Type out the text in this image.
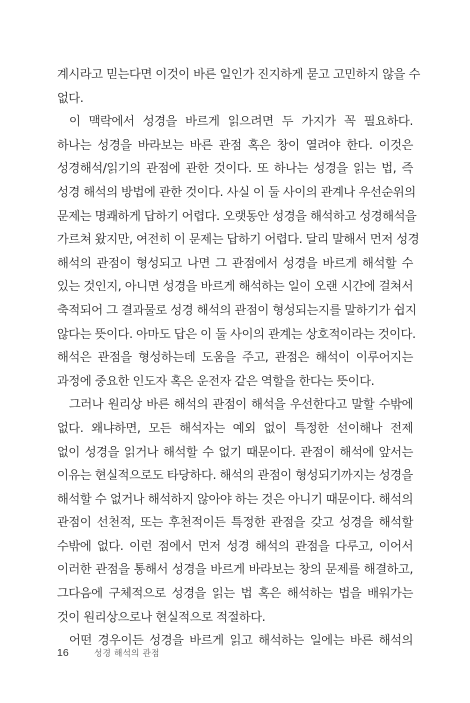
계시라고 믿는다면 이것이 바른 일인가 진지하게 묻고 고민하지 않을 수
없다.
이 맥락에서 성경을 바르게 읽으려면 두 가지가 꼭 필요하다.
하나는 성경을 바라보는 바른 관점 혹은 창이 열려야 한다. 이것은
성경해석/읽기의 관점에 관한 것이다. 또 하나는 성경을 읽는 법, 즉
성경 해석의 방법에 관한 것이다. 사실 이 둘 사이의 관계나 우선순위의
문제는 명쾌하게 답하기 어렵다. 오랫동안 성경을 해석하고 성경해석을
가르쳐 왔지만, 여전히 이 문제는 답하기 어렵다. 달리 말해서 먼저 성경
해석의 관점이 형성되고 나면 그 관점에서 성경을 바르게 해석할 수
있는 것인지, 아니면 성경을 바르게 해석하는 일이 오랜 시간에 걸쳐서
축적되어 그 결과물로 성경 해석의 관점이 형성되는지를 말하기가 쉽지
않다는 뜻이다. 아마도 답은 이 둘 사이의 관계는 상호적이라는 것이다.
해석은 관점을 형성하는데 도움을 주고, 관점은 해석이 이루어지는
과정에 중요한 인도자 혹은 운전자 같은 역할을 한다는 뜻이다.
그러나 원리상 바른 해석의 관점이 해석을 우선한다고 말할 수밖에
없다. 왜냐하면, 모든 해석자는 예외 없이 특정한 선이해나 전제
없이 성경을 읽거나 해석할 수 없기 때문이다. 관점이 해석에 앞서는
이유는 현실적으로도 타당하다. 해석의 관점이 형성되기까지는 성경을
해석할 수 없거나 해석하지 않아야 하는 것은 아니기 때문이다. 해석의
관점이 선천적, 또는 후천적이든 특정한 관점을 갖고 성경을 해석할
수밖에 없다. 이런 점에서 먼저 성경 해석의 관점을 다루고, 이어서
이러한 관점을 통해서 성경을 바르게 바라보는 창의 문제를 해결하고,
그다음에 구체적으로 성경을 읽는 법 혹은 해석하는 법을 배워가는
것이 원리상으로나 현실적으로 적절하다.
어떤 경우이든 성경을 바르게 읽고 해석하는 일에는 바른 해석의
16	성경 해석의 관점
